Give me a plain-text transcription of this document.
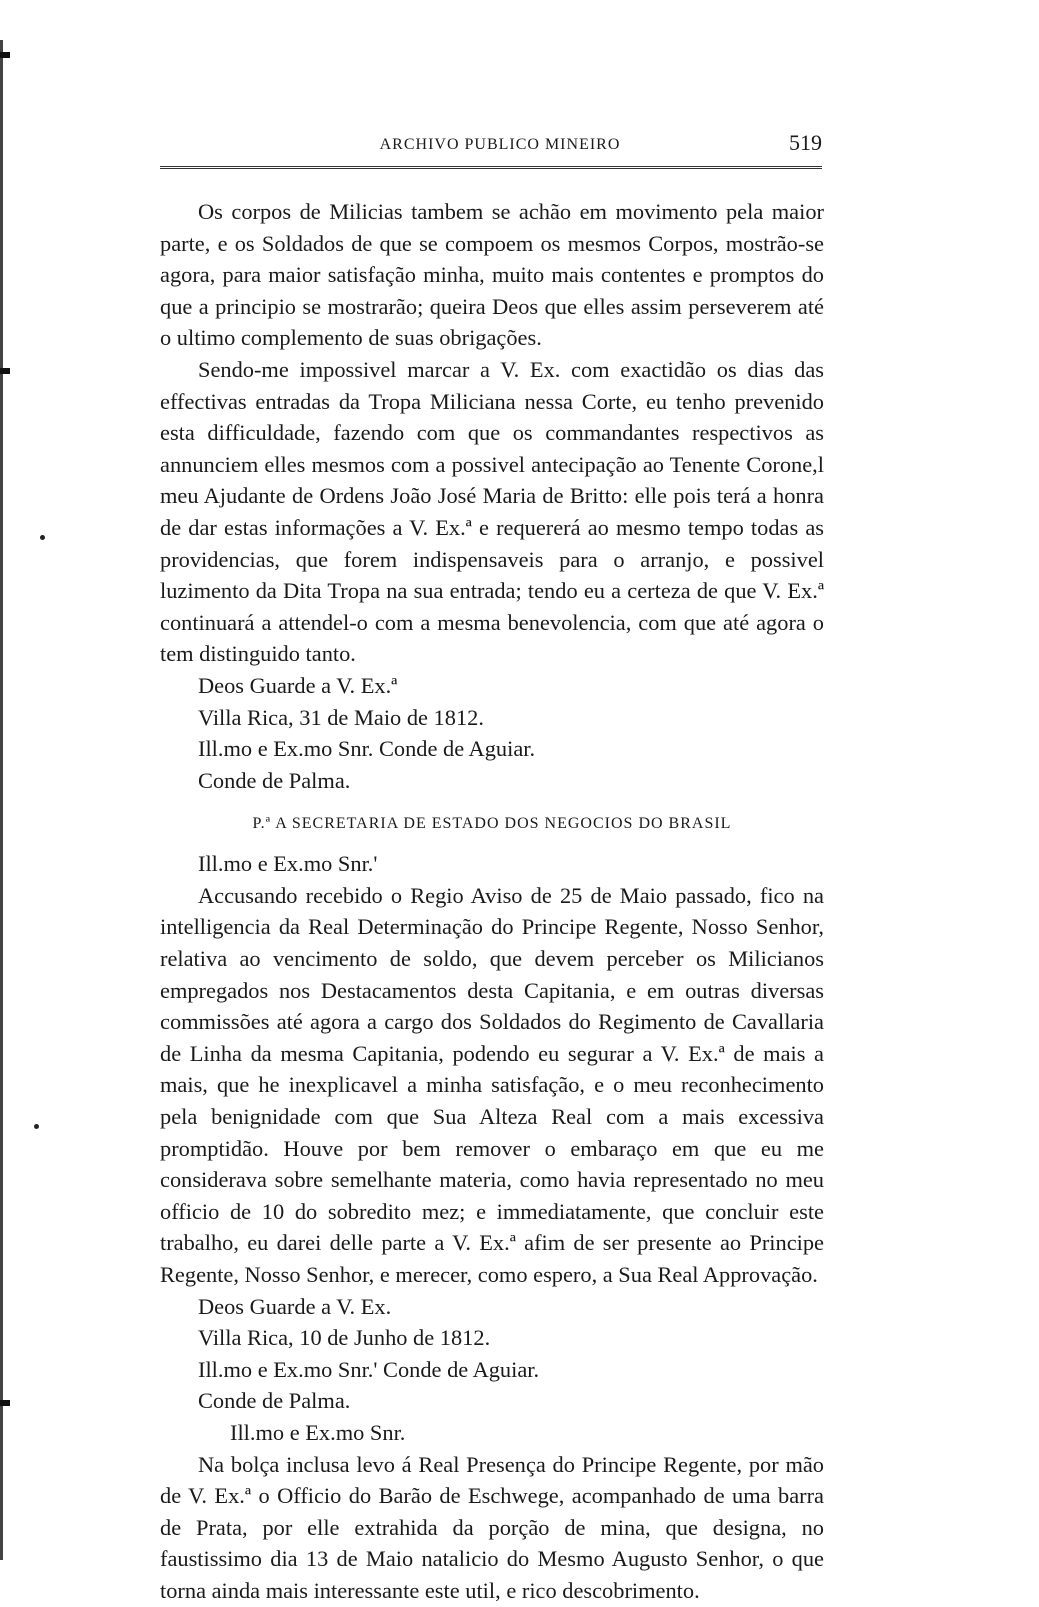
ARCHIVO PUBLICO MINEIRO	519

Os corpos de Milicias tambem se achão em movimento pela maior parte, e os Soldados de que se compoem os mesmos Corpos, mostrão-se agora, para maior satisfação minha, muito mais contentes e promptos do que a principio se mostrarão; queira Deos que elles assim perseverem até o ultimo complemento de suas obrigações.

Sendo-me impossivel marcar a V. Ex. com exactidão os dias das effectivas entradas da Tropa Miliciana nessa Corte, eu tenho prevenido esta difficuldade, fazendo com que os commandantes respectivos as annunciem elles mesmos com a possivel antecipação ao Tenente Corone,l meu Ajudante de Ordens João José Maria de Britto: elle pois terá a honra de dar estas informações a V. Ex.ª e requererá ao mesmo tempo todas as providencias, que forem indispensaveis para o arranjo, e possivel luzimento da Dita Tropa na sua entrada; tendo eu a certeza de que V. Ex.ª continuará a attendel-o com a mesma benevolencia, com que até agora o tem distinguido tanto.

Deos Guarde a V. Ex.ª

Villa Rica, 31 de Maio de 1812.

Ill.mo e Ex.mo Snr. Conde de Aguiar.

Conde de Palma.

P.ª A SECRETARIA DE ESTADO DOS NEGOCIOS DO BRASIL

Ill.mo e Ex.mo Snr.'

Accusando recebido o Regio Aviso de 25 de Maio passado, fico na intelligencia da Real Determinação do Principe Regente, Nosso Senhor, relativa ao vencimento de soldo, que devem perceber os Milicianos empregados nos Destacamentos desta Capitania, e em outras diversas commissões até agora a cargo dos Soldados do Regimento de Cavallaria de Linha da mesma Capitania, podendo eu segurar a V. Ex.ª de mais a mais, que he inexplicavel a minha satisfação, e o meu reconhecimento pela benignidade com que Sua Alteza Real com a mais excessiva promptidão. Houve por bem remover o embaraço em que eu me considerava sobre semelhante materia, como havia representado no meu officio de 10 do sobredito mez; e immediatamente, que concluir este trabalho, eu darei delle parte a V. Ex.ª afim de ser presente ao Principe Regente, Nosso Senhor, e merecer, como espero, a Sua Real Approvação.

Deos Guarde a V. Ex.

Villa Rica, 10 de Junho de 1812.

Ill.mo e Ex.mo Snr.' Conde de Aguiar.

Conde de Palma.

Ill.mo e Ex.mo Snr.

Na bolça inclusa levo á Real Presença do Principe Regente, por mão de V. Ex.ª o Officio do Barão de Eschwege, acompanhado de uma barra de Prata, por elle extrahida da porção de mina, que designa, no faustissimo dia 13 de Maio natalicio do Mesmo Augusto Senhor, o que torna ainda mais interessante este util, e rico descobrimento.
